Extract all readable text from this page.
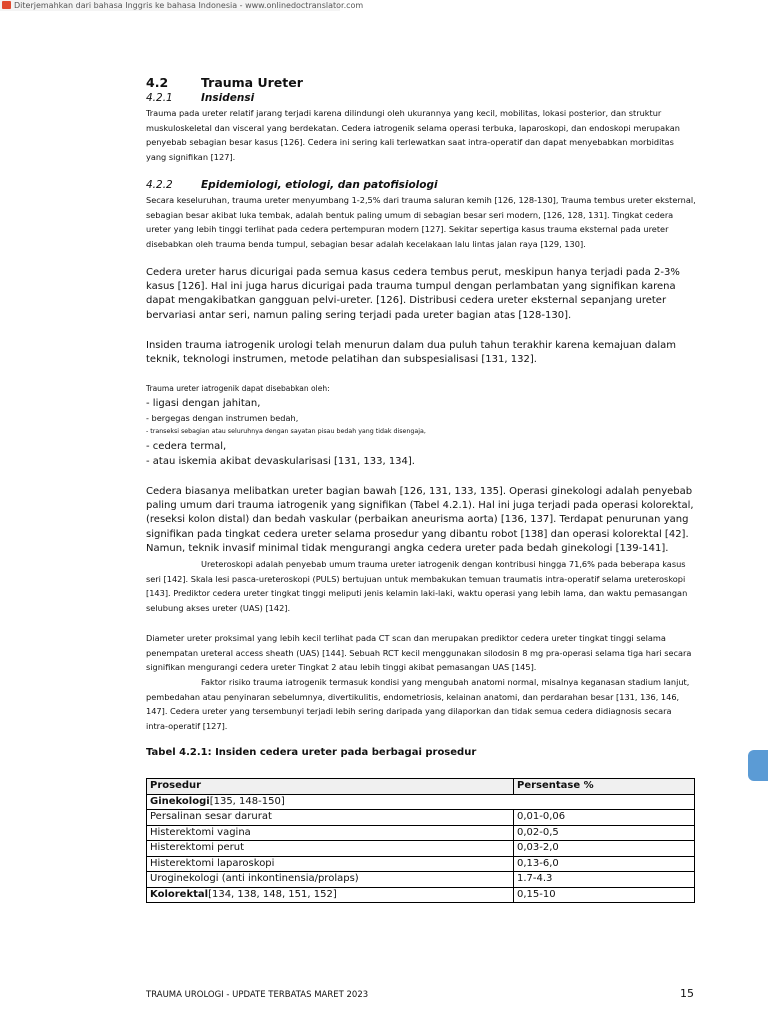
Diterjemahkan dari bahasa Inggris ke bahasa Indonesia - www.onlinedoctranslator.com
4.2	Trauma Ureter
4.2.1	Insidensi
Trauma pada ureter relatif jarang terjadi karena dilindungi oleh ukurannya yang kecil, mobilitas, lokasi posterior, dan struktur muskuloskeletal dan visceral yang berdekatan. Cedera iatrogenik selama operasi terbuka, laparoskopi, dan endoskopi merupakan penyebab sebagian besar kasus [126]. Cedera ini sering kali terlewatkan saat intra-operatif dan dapat menyebabkan morbiditas yang signifikan [127].
4.2.2	Epidemiologi, etiologi, dan patofisiologi
Secara keseluruhan, trauma ureter menyumbang 1-2,5% dari trauma saluran kemih [126, 128-130], Trauma tembus ureter eksternal, sebagian besar akibat luka tembak, adalah bentuk paling umum di sebagian besar seri modern, [126, 128, 131]. Tingkat cedera ureter yang lebih tinggi terlihat pada cedera pertempuran modern [127]. Sekitar sepertiga kasus trauma eksternal pada ureter disebabkan oleh trauma benda tumpul, sebagian besar adalah kecelakaan lalu lintas jalan raya [129, 130].
Cedera ureter harus dicurigai pada semua kasus cedera tembus perut, meskipun hanya terjadi pada 2-3% kasus [126]. Hal ini juga harus dicurigai pada trauma tumpul dengan perlambatan yang signifikan karena dapat mengakibatkan gangguan pelvi-ureter. [126]. Distribusi cedera ureter eksternal sepanjang ureter bervariasi antar seri, namun paling sering terjadi pada ureter bagian atas [128-130].
Insiden trauma iatrogenik urologi telah menurun dalam dua puluh tahun terakhir karena kemajuan dalam teknik, teknologi instrumen, metode pelatihan dan subspesialisasi [131, 132].
Trauma ureter iatrogenik dapat disebabkan oleh:
- ligasi dengan jahitan,
- bergegas dengan instrumen bedah,
- transeksi sebagian atau seluruhnya dengan sayatan pisau bedah yang tidak disengaja,
- cedera termal,
- atau iskemia akibat devaskularisasi [131, 133, 134].
Cedera biasanya melibatkan ureter bagian bawah [126, 131, 133, 135]. Operasi ginekologi adalah penyebab paling umum dari trauma iatrogenik yang signifikan (Tabel 4.2.1). Hal ini juga terjadi pada operasi kolorektal, (reseksi kolon distal) dan bedah vaskular (perbaikan aneurisma aorta) [136, 137]. Terdapat penurunan yang signifikan pada tingkat cedera ureter selama prosedur yang dibantu robot [138] dan operasi kolorektal [42]. Namun, teknik invasif minimal tidak mengurangi angka cedera ureter pada bedah ginekologi [139-141].
Ureteroskopi adalah penyebab umum trauma ureter iatrogenik dengan kontribusi hingga 71,6% pada beberapa kasus seri [142]. Skala lesi pasca-ureteroskopi (PULS) bertujuan untuk membakukan temuan traumatis intra-operatif selama ureteroskopi [143]. Prediktor cedera ureter tingkat tinggi meliputi jenis kelamin laki-laki, waktu operasi yang lebih lama, dan waktu pemasangan selubung akses ureter (UAS) [142].
Diameter ureter proksimal yang lebih kecil terlihat pada CT scan dan merupakan prediktor cedera ureter tingkat tinggi selama penempatan ureteral access sheath (UAS) [144]. Sebuah RCT kecil menggunakan silodosin 8 mg pra-operasi selama tiga hari secara signifikan mengurangi cedera ureter Tingkat 2 atau lebih tinggi akibat pemasangan UAS [145].
Faktor risiko trauma iatrogenik termasuk kondisi yang mengubah anatomi normal, misalnya keganasan stadium lanjut, pembedahan atau penyinaran sebelumnya, divertikulitis, endometriosis, kelainan anatomi, dan perdarahan besar [131, 136, 146, 147]. Cedera ureter yang tersembunyi terjadi lebih sering daripada yang dilaporkan dan tidak semua cedera didiagnosis secara intra-operatif [127].
Tabel 4.2.1: Insiden cedera ureter pada berbagai prosedur
Prosedur	Persentase %
Ginekologi[135, 148-150]	
Persalinan sesar darurat	0,01-0,06
Histerektomi vagina	0,02-0,5
Histerektomi perut	0,03-2,0
Histerektomi laparoskopi	0,13-6,0
Uroginekologi (anti inkontinensia/prolaps)	1.7-4.3
Kolorektal[134, 138, 148, 151, 152]	0,15-10
TRAUMA UROLOGI - UPDATE TERBATAS MARET 2023	15
